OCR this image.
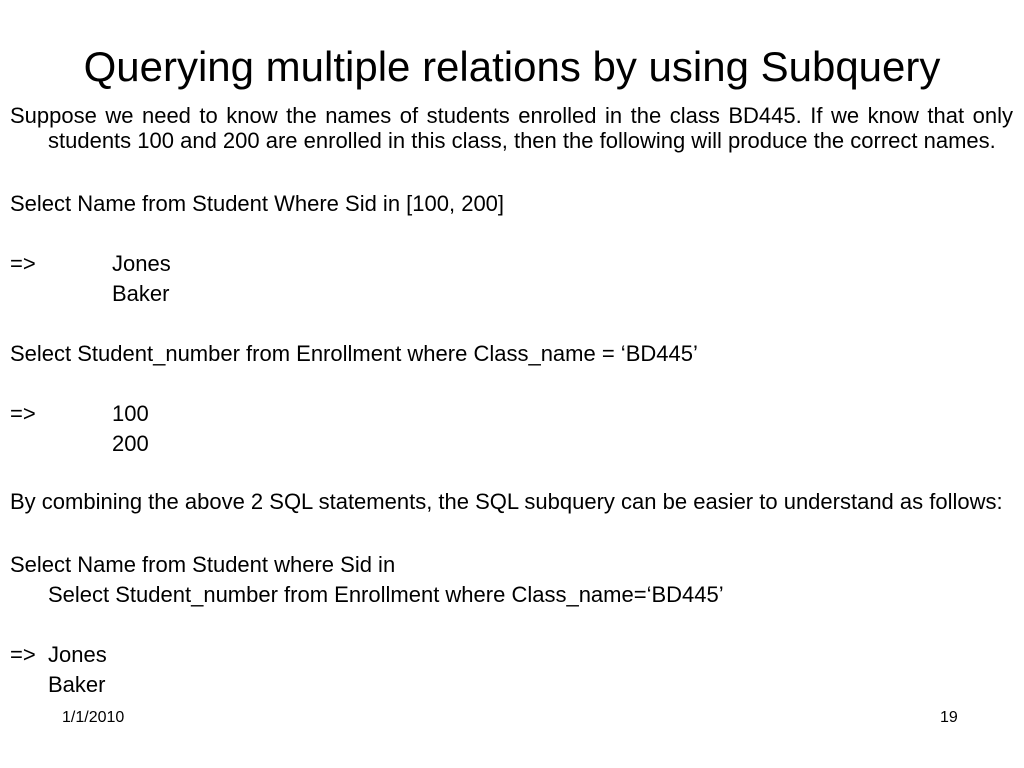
Querying multiple relations by using Subquery

Suppose we need to know the names of students enrolled in the class BD445. If we know that only students 100 and 200 are enrolled in this class, then the following will produce the correct names.

Select Name from Student Where Sid in [100, 200]

=>	Jones

Baker

Select Student_number from Enrollment where Class_name = ‘BD445’

=>	100

200

By combining the above 2 SQL statements, the SQL subquery can be easier to understand as follows:

Select Name from Student where Sid in

Select Student_number from Enrollment where Class_name=‘BD445’

=> Jones

Baker

1/1/2010	19
